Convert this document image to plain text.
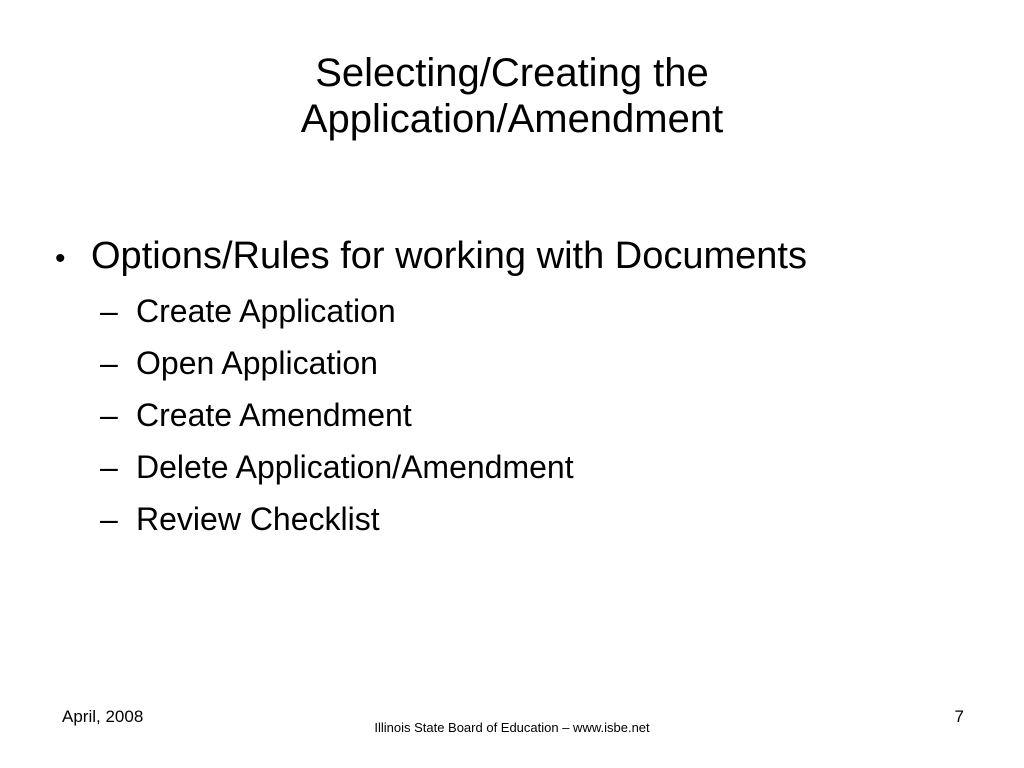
Selecting/Creating the
Application/Amendment
• Options/Rules for working with Documents
– Create Application
– Open Application
– Create Amendment
– Delete Application/Amendment
– Review Checklist
April, 2008
Illinois State Board of Education – www.isbe.net
7
